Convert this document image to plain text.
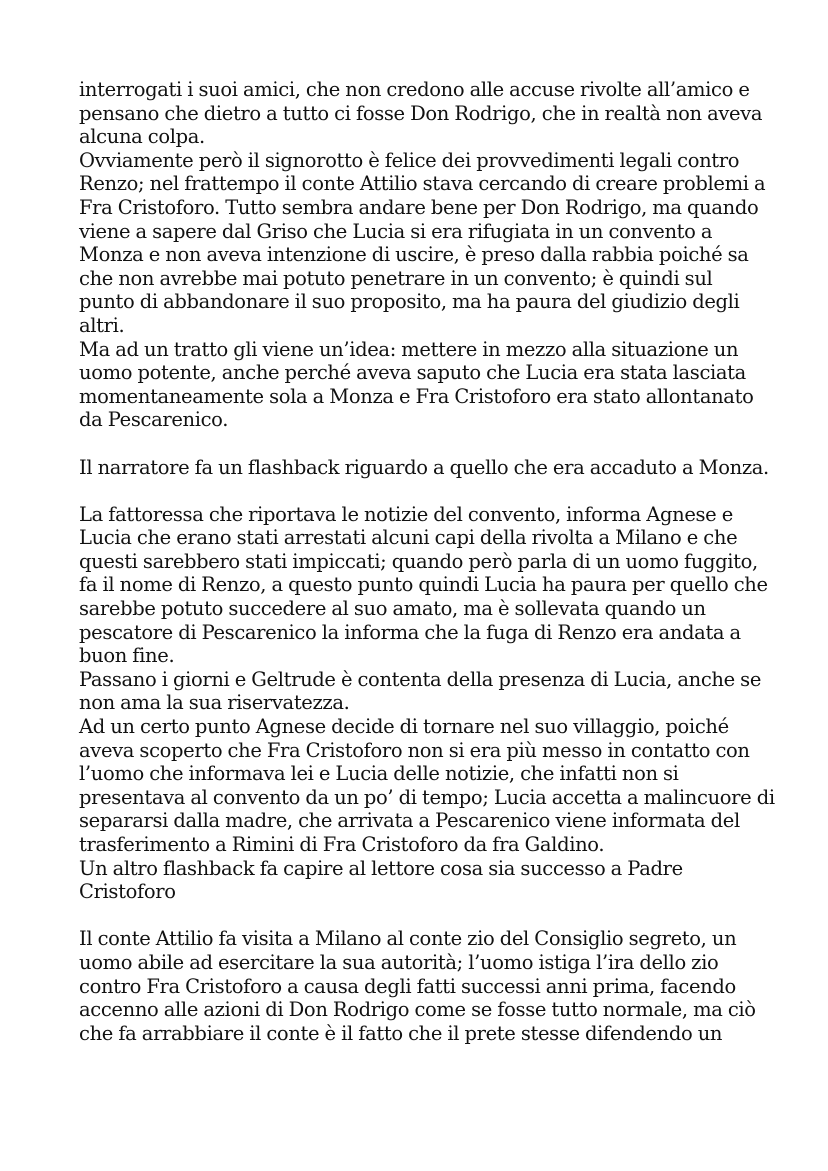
interrogati i suoi amici, che non credono alle accuse rivolte all’amico e
pensano che dietro a tutto ci fosse Don Rodrigo, che in realtà non aveva
alcuna colpa.

Ovviamente però il signorotto è felice dei provvedimenti legali contro
Renzo; nel frattempo il conte Attilio stava cercando di creare problemi a
Fra Cristoforo. Tutto sembra andare bene per Don Rodrigo, ma quando
viene a sapere dal Griso che Lucia si era rifugiata in un convento a
Monza e non aveva intenzione di uscire, è preso dalla rabbia poiché sa
che non avrebbe mai potuto penetrare in un convento; è quindi sul
punto di abbandonare il suo proposito, ma ha paura del giudizio degli
altri.

Ma ad un tratto gli viene un’idea: mettere in mezzo alla situazione un
uomo potente, anche perché aveva saputo che Lucia era stata lasciata
momentaneamente sola a Monza e Fra Cristoforo era stato allontanato
da Pescarenico.

Il narratore fa un flashback riguardo a quello che era accaduto a Monza.

La fattoressa che riportava le notizie del convento, informa Agnese e
Lucia che erano stati arrestati alcuni capi della rivolta a Milano e che
questi sarebbero stati impiccati; quando però parla di un uomo fuggito,
fa il nome di Renzo, a questo punto quindi Lucia ha paura per quello che
sarebbe potuto succedere al suo amato, ma è sollevata quando un
pescatore di Pescarenico la informa che la fuga di Renzo era andata a
buon fine.

Passano i giorni e Geltrude è contenta della presenza di Lucia, anche se
non ama la sua riservatezza.

Ad un certo punto Agnese decide di tornare nel suo villaggio, poiché
aveva scoperto che Fra Cristoforo non si era più messo in contatto con
l’uomo che informava lei e Lucia delle notizie, che infatti non si
presentava al convento da un po’ di tempo; Lucia accetta a malincuore di
separarsi dalla madre, che arrivata a Pescarenico viene informata del
trasferimento a Rimini di Fra Cristoforo da fra Galdino.

Un altro flashback fa capire al lettore cosa sia successo a Padre
Cristoforo

Il conte Attilio fa visita a Milano al conte zio del Consiglio segreto, un
uomo abile ad esercitare la sua autorità; l’uomo istiga l’ira dello zio
contro Fra Cristoforo a causa degli fatti successi anni prima, facendo
accenno alle azioni di Don Rodrigo come se fosse tutto normale, ma ciò
che fa arrabbiare il conte è il fatto che il prete stesse difendendo un
